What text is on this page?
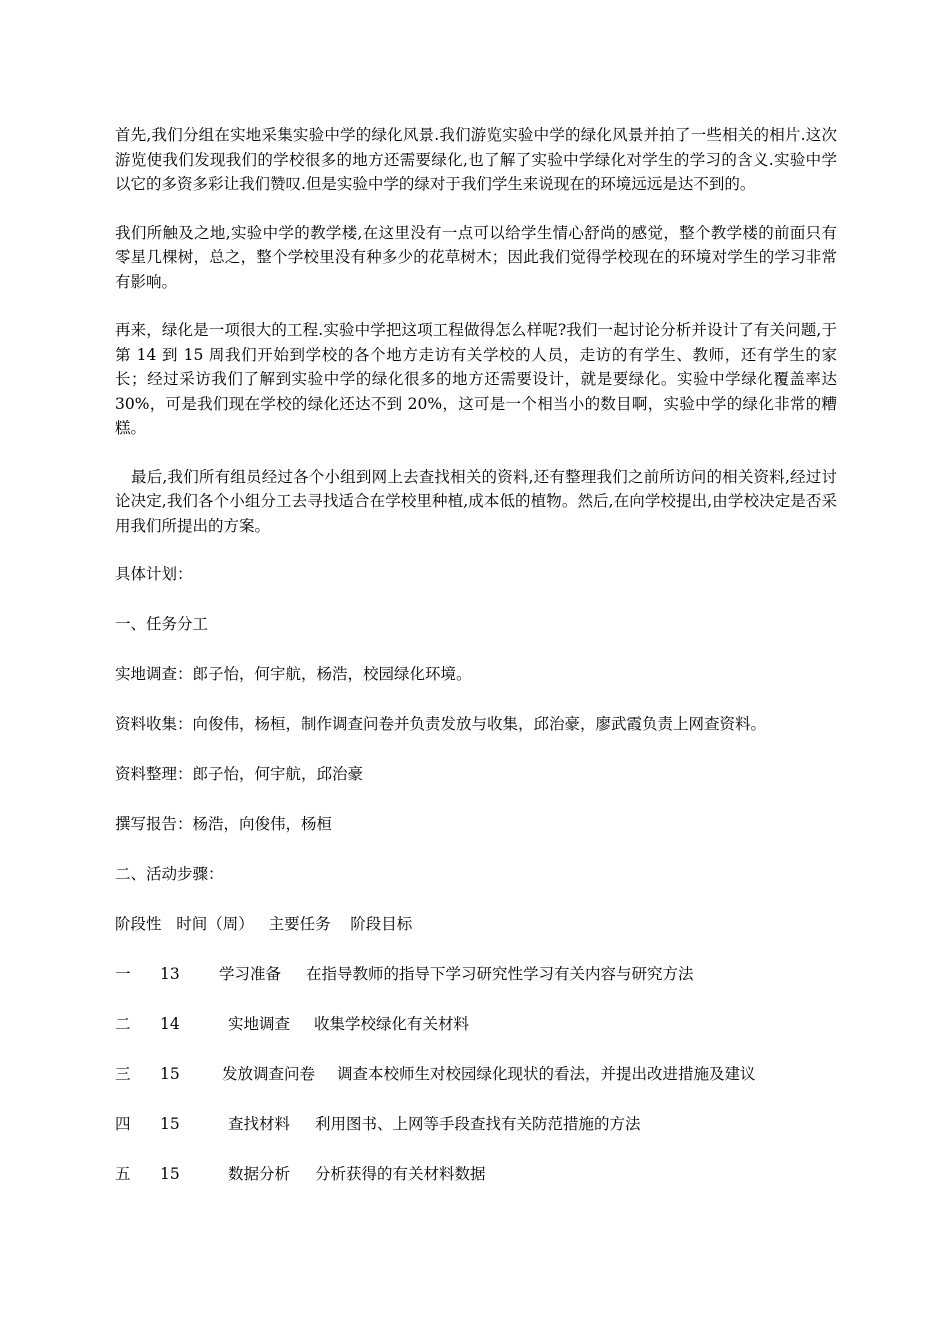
首先,我们分组在实地采集实验中学的绿化风景.我们游览实验中学的绿化风景并拍了一些相关的相片.这次游览使我们发现我们的学校很多的地方还需要绿化,也了解了实验中学绿化对学生的学习的含义.实验中学以它的多资多彩让我们赞叹.但是实验中学的绿对于我们学生来说现在的环境远远是达不到的。

我们所触及之地,实验中学的教学楼,在这里没有一点可以给学生情心舒尚的感觉，整个教学楼的前面只有零星几棵树，总之，整个学校里没有种多少的花草树木；因此我们觉得学校现在的环境对学生的学习非常有影响。

再来，绿化是一项很大的工程.实验中学把这项工程做得怎么样呢?我们一起讨论分析并设计了有关问题,于第 14 到 15 周我们开始到学校的各个地方走访有关学校的人员，走访的有学生、教师，还有学生的家长；经过采访我们了解到实验中学的绿化很多的地方还需要设计，就是要绿化。实验中学绿化覆盖率达 30%，可是我们现在学校的绿化还达不到 20%，这可是一个相当小的数目啊，实验中学的绿化非常的糟糕。

最后,我们所有组员经过各个小组到网上去查找相关的资料,还有整理我们之前所访问的相关资料,经过讨论决定,我们各个小组分工去寻找适合在学校里种植,成本低的植物。然后,在向学校提出,由学校决定是否采用我们所提出的方案。

具体计划：

一、任务分工

实地调查：郎子怡，何宇航，杨浩，校园绿化环境。

资料收集：向俊伟，杨桓，制作调查问卷并负责发放与收集，邱治豪，廖武霞负责上网查资料。

资料整理：郎子怡，何宇航，邱治豪

撰写报告：杨浩，向俊伟，杨桓

二、活动步骤：

阶段性   时间（周）   主要任务    阶段目标

一 13	学习准备 在指导教师的指导下学习研究性学习有关内容与研究方法
二 14	实地调查 收集学校绿化有关材料
三 15	发放调查问卷 调查本校师生对校园绿化现状的看法，并提出改进措施及建议
四 15	查找材料 利用图书、上网等手段查找有关防范措施的方法
五 15	数据分析 分析获得的有关材料数据
